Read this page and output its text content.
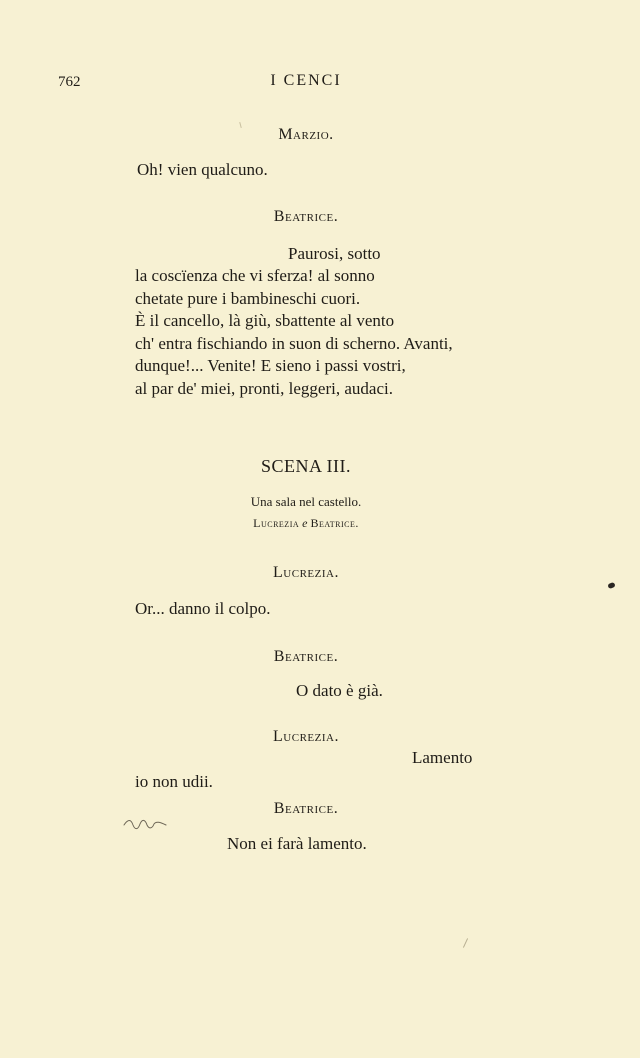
762	I CENCI
Marzio.
Oh! vien qualcuno.
Beatrice.
Paurosi, sotto
la coscïenza che vi sferza! al sonno
chetate pure i bambineschi cuori.
È il cancello, là giù, sbattente al vento
ch' entra fischiando in suon di scherno. Avanti,
dunque!... Venite! E sieno i passi vostri,
al par de' miei, pronti, leggeri, audaci.
SCENA III.
Una sala nel castello.
Lucrezia e Beatrice.
Lucrezia.
Or... danno il colpo.
Beatrice.
O dato è già.
Lucrezia.
Lamento
io non udii.
Beatrice.
Non ei farà lamento.
